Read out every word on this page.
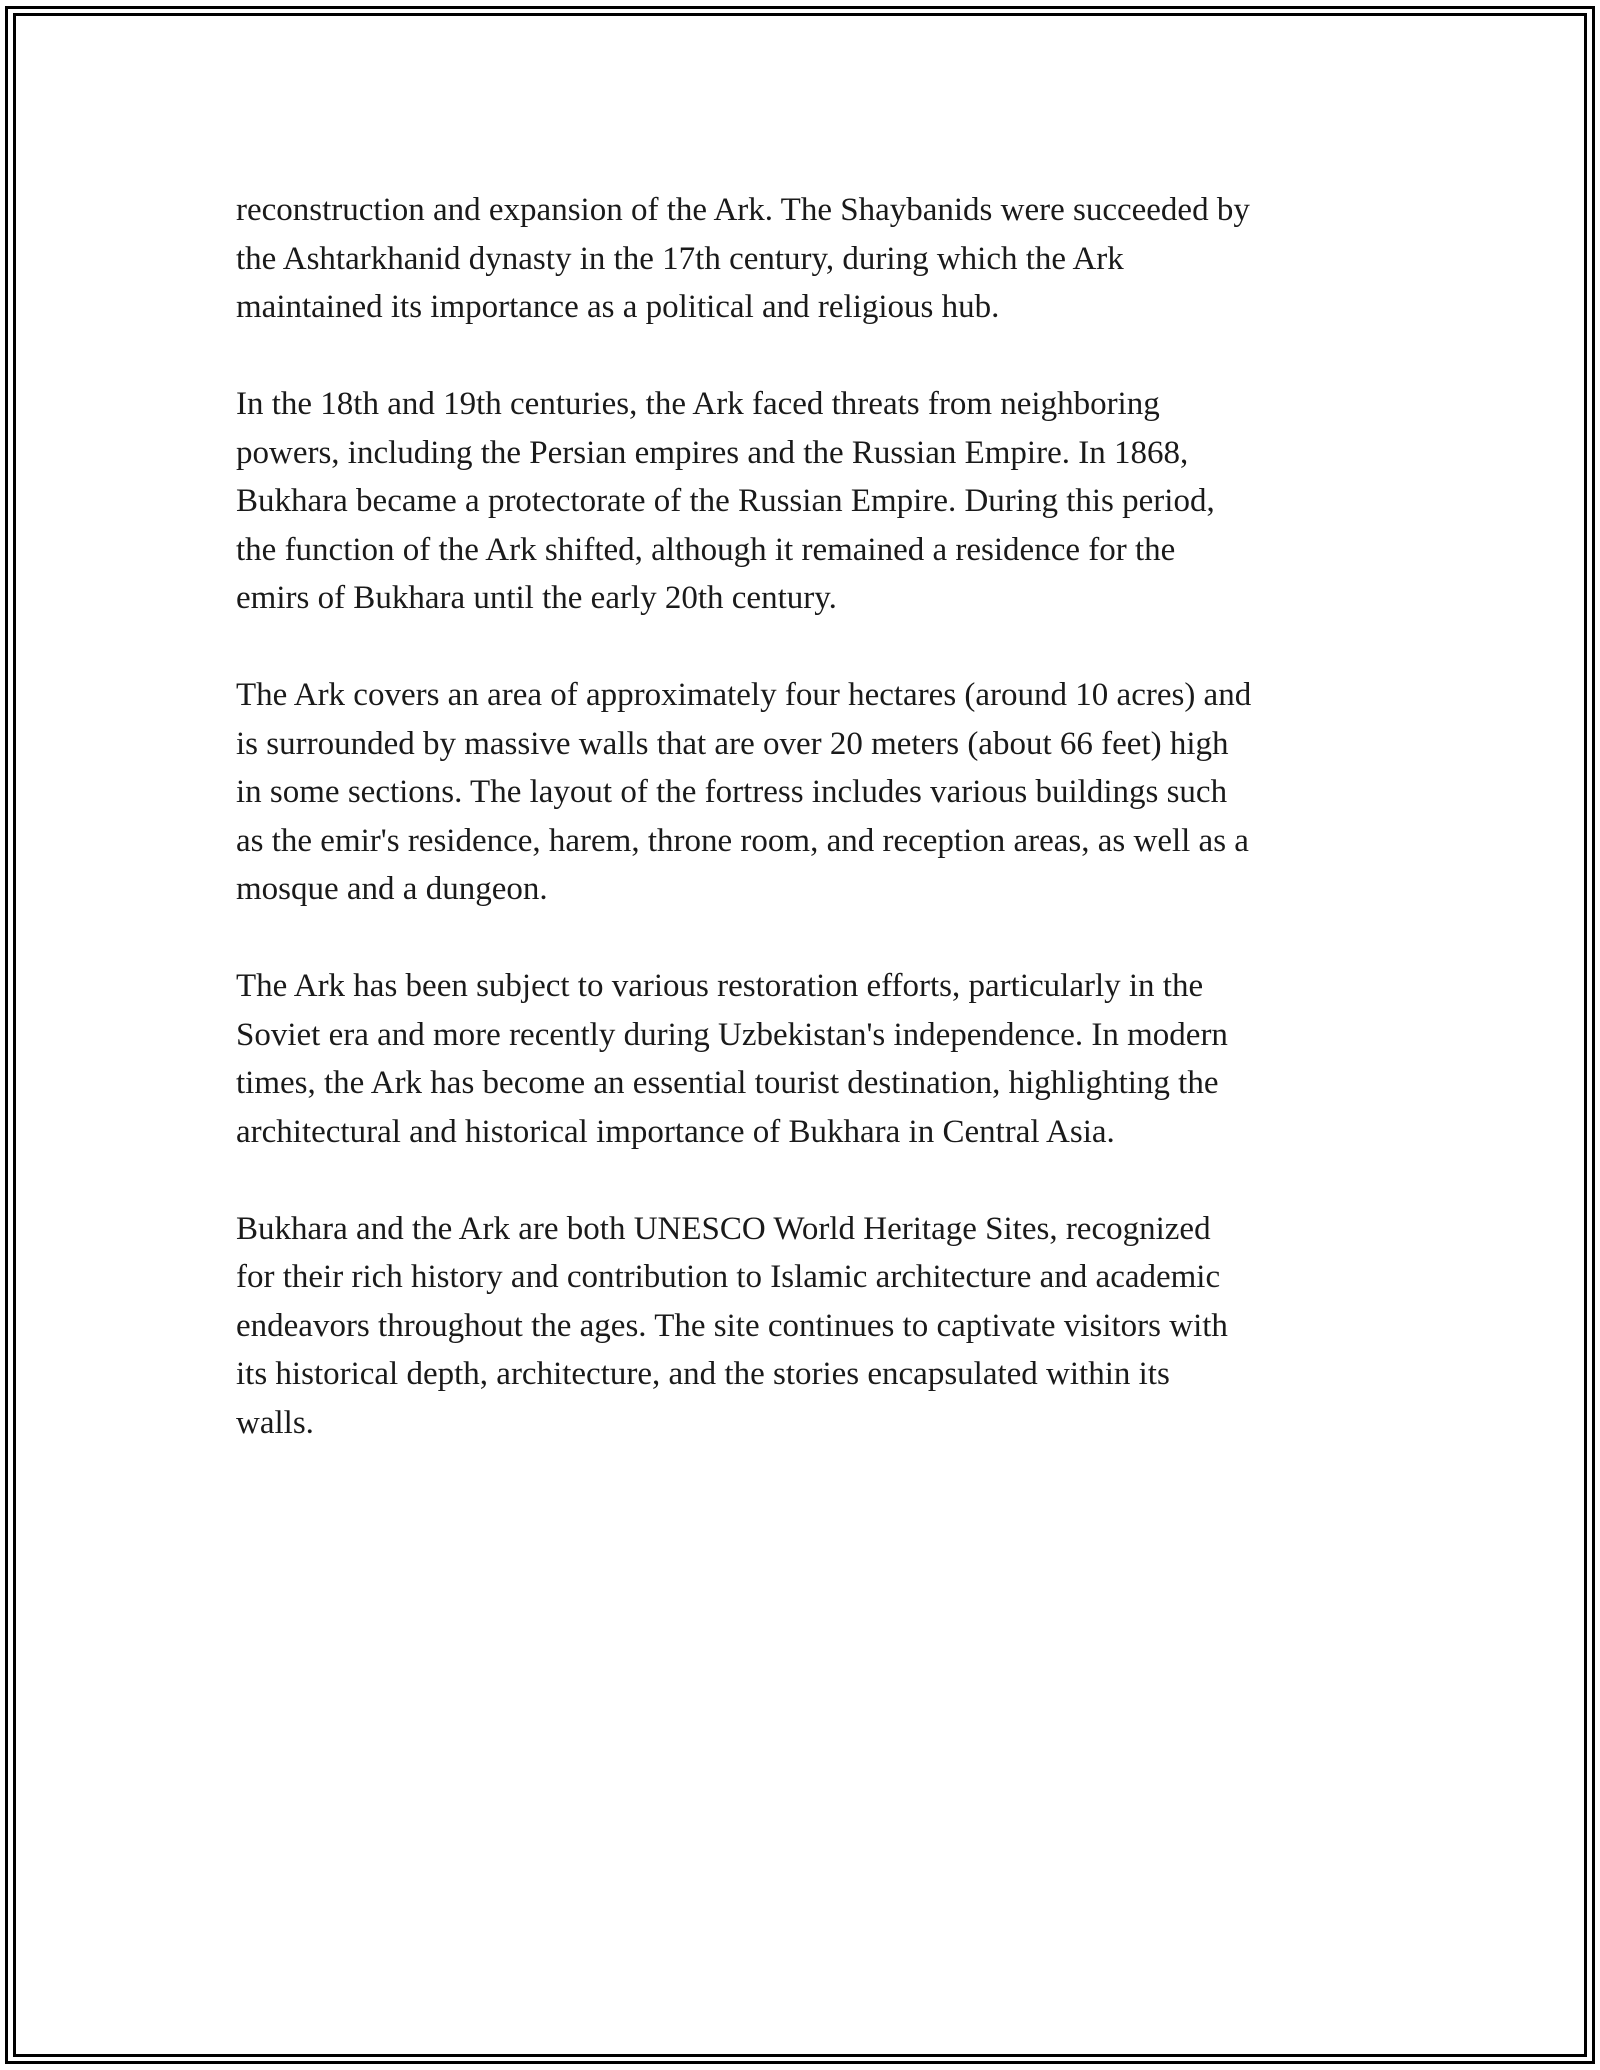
reconstruction and expansion of the Ark. The Shaybanids were succeeded by
the Ashtarkhanid dynasty in the 17th century, during which the Ark
maintained its importance as a political and religious hub.

In the 18th and 19th centuries, the Ark faced threats from neighboring
powers, including the Persian empires and the Russian Empire. In 1868,
Bukhara became a protectorate of the Russian Empire. During this period,
the function of the Ark shifted, although it remained a residence for the
emirs of Bukhara until the early 20th century.

The Ark covers an area of approximately four hectares (around 10 acres) and
is surrounded by massive walls that are over 20 meters (about 66 feet) high
in some sections. The layout of the fortress includes various buildings such
as the emir's residence, harem, throne room, and reception areas, as well as a
mosque and a dungeon.

The Ark has been subject to various restoration efforts, particularly in the
Soviet era and more recently during Uzbekistan's independence. In modern
times, the Ark has become an essential tourist destination, highlighting the
architectural and historical importance of Bukhara in Central Asia.

Bukhara and the Ark are both UNESCO World Heritage Sites, recognized
for their rich history and contribution to Islamic architecture and academic
endeavors throughout the ages. The site continues to captivate visitors with
its historical depth, architecture, and the stories encapsulated within its
walls.
